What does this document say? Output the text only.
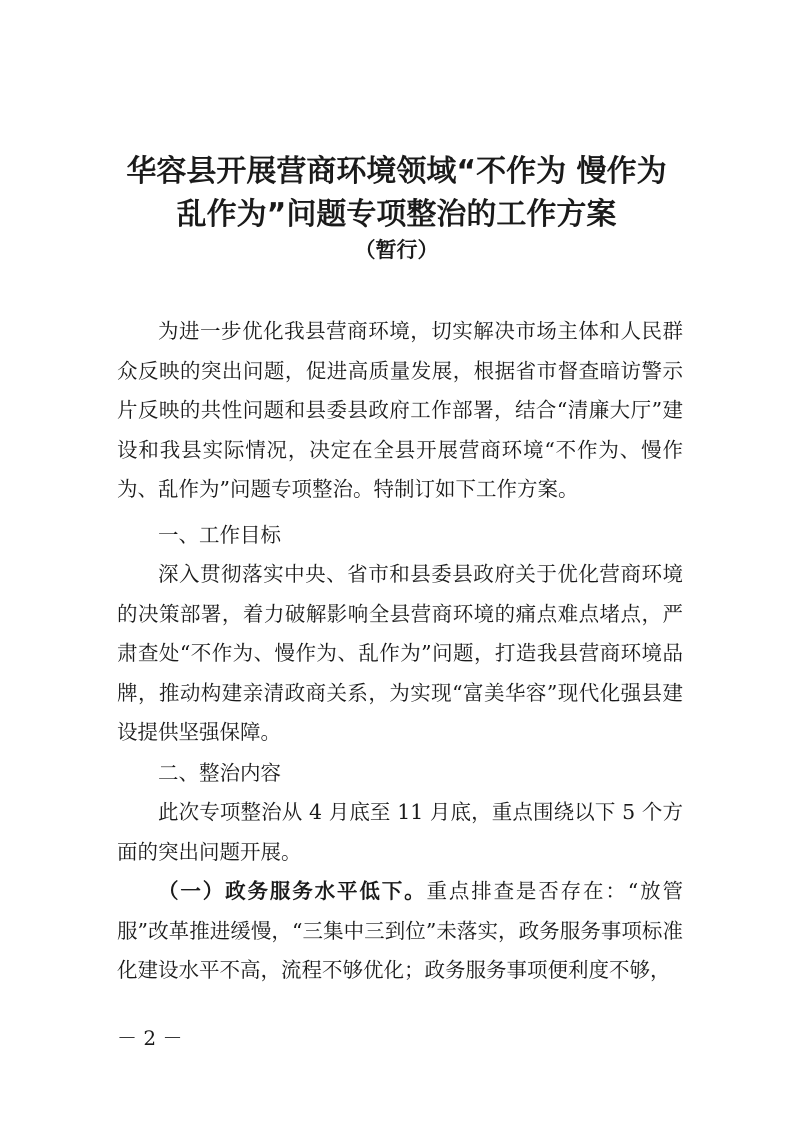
华容县开展营商环境领域“不作为 慢作为
乱作为”问题专项整治的工作方案
（暂行）

为进一步优化我县营商环境，切实解决市场主体和人民群众反映的突出问题，促进高质量发展，根据省市督查暗访警示片反映的共性问题和县委县政府工作部署，结合“清廉大厅”建设和我县实际情况，决定在全县开展营商环境“不作为、慢作为、乱作为”问题专项整治。特制订如下工作方案。

一、工作目标

深入贯彻落实中央、省市和县委县政府关于优化营商环境的决策部署，着力破解影响全县营商环境的痛点难点堵点，严肃查处“不作为、慢作为、乱作为”问题，打造我县营商环境品牌，推动构建亲清政商关系，为实现“富美华容”现代化强县建设提供坚强保障。

二、整治内容

此次专项整治从 4 月底至 11 月底，重点围绕以下 5 个方面的突出问题开展。

（一）政务服务水平低下。重点排查是否存在：“放管服”改革推进缓慢，“三集中三到位”未落实，政务服务事项标准化建设水平不高，流程不够优化；政务服务事项便利度不够，

－ 2 －
